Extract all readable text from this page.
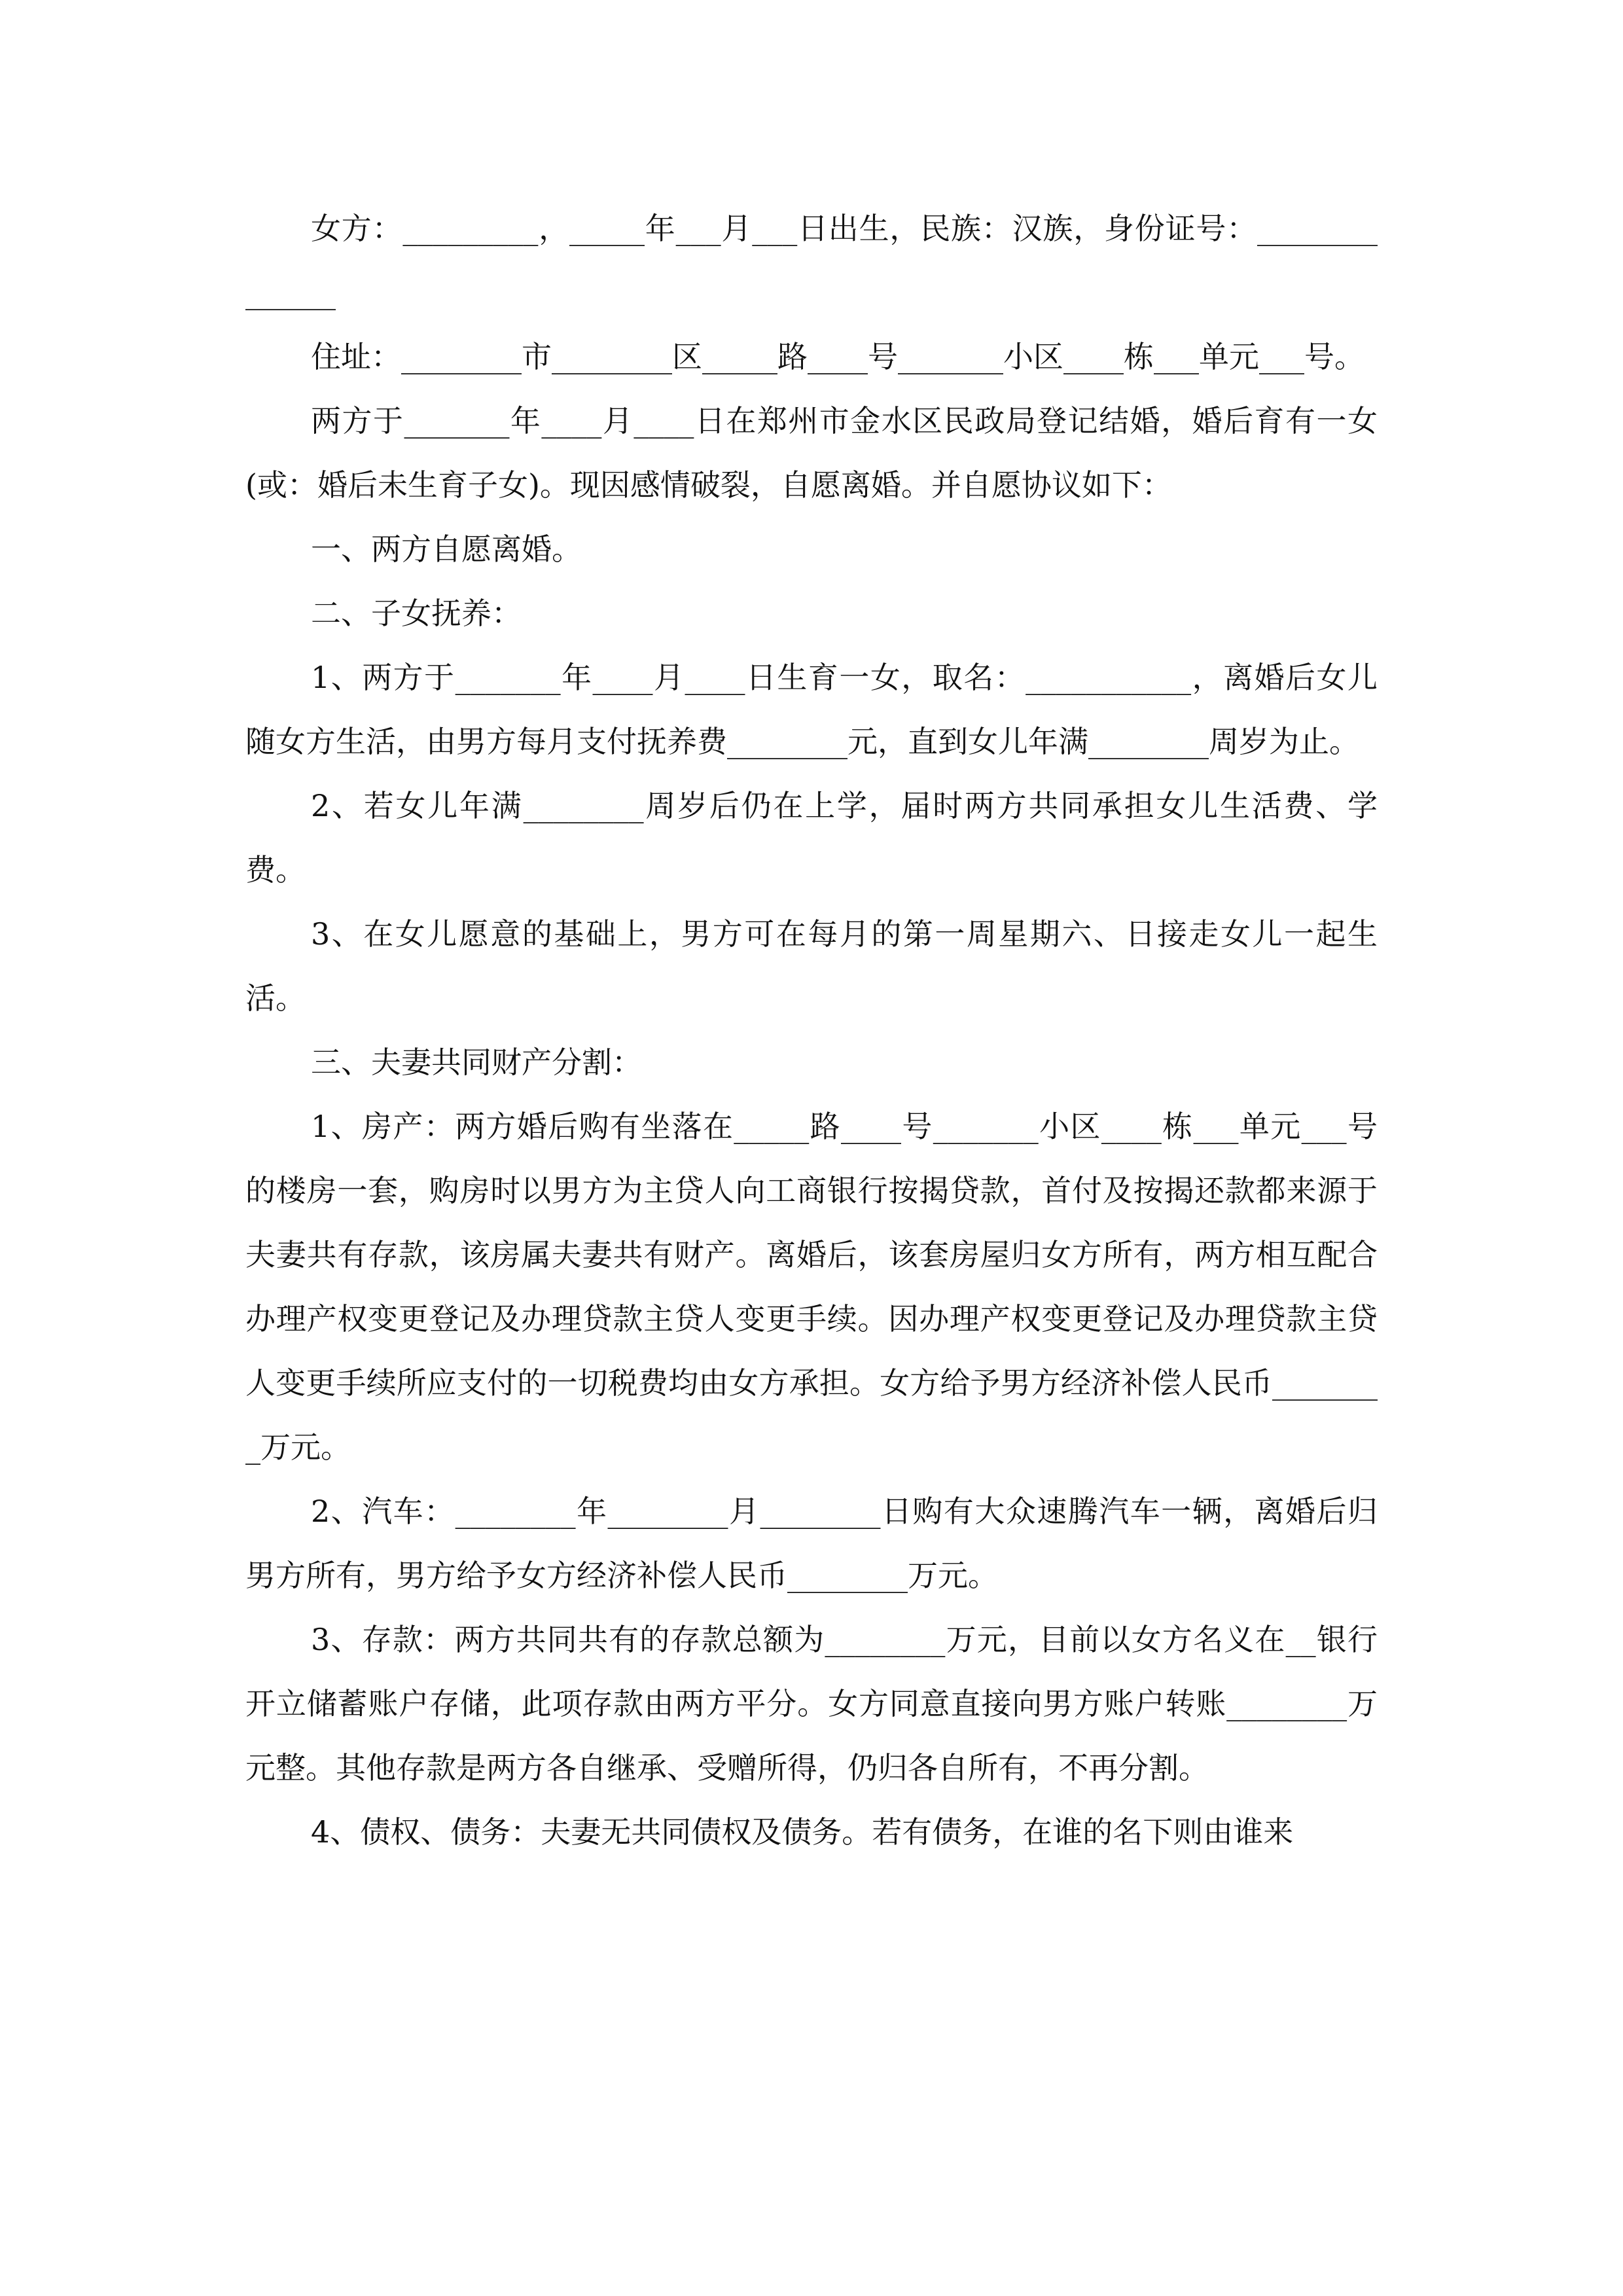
女方：_________，_____年___月___日出生，民族：汉族，身份证号：______________

住址：________市________区_____路____号_______小区____栋___单元___号。

两方于_______年____月____日在郑州市金水区民政局登记结婚，婚后育有一女(或：婚后未生育子女)。现因感情破裂，自愿离婚。并自愿协议如下：

一、两方自愿离婚。

二、子女抚养：

1、两方于_______年____月____日生育一女，取名：___________，离婚后女儿随女方生活，由男方每月支付抚养费________元，直到女儿年满________周岁为止。

2、若女儿年满________周岁后仍在上学，届时两方共同承担女儿生活费、学费。

3、在女儿愿意的基础上，男方可在每月的第一周星期六、日接走女儿一起生活。

三、夫妻共同财产分割：

1、房产：两方婚后购有坐落在_____路____号_______小区____栋___单元___号的楼房一套，购房时以男方为主贷人向工商银行按揭贷款，首付及按揭还款都来源于夫妻共有存款，该房属夫妻共有财产。离婚后，该套房屋归女方所有，两方相互配合办理产权变更登记及办理贷款主贷人变更手续。因办理产权变更登记及办理贷款主贷人变更手续所应支付的一切税费均由女方承担。女方给予男方经济补偿人民币________万元。

2、汽车：________年________月________日购有大众速腾汽车一辆，离婚后归男方所有，男方给予女方经济补偿人民币________万元。

3、存款：两方共同共有的存款总额为________万元，目前以女方名义在__银行开立储蓄账户存储，此项存款由两方平分。女方同意直接向男方账户转账________万元整。其他存款是两方各自继承、受赠所得，仍归各自所有，不再分割。

4、债权、债务：夫妻无共同债权及债务。若有债务，在谁的名下则由谁来
